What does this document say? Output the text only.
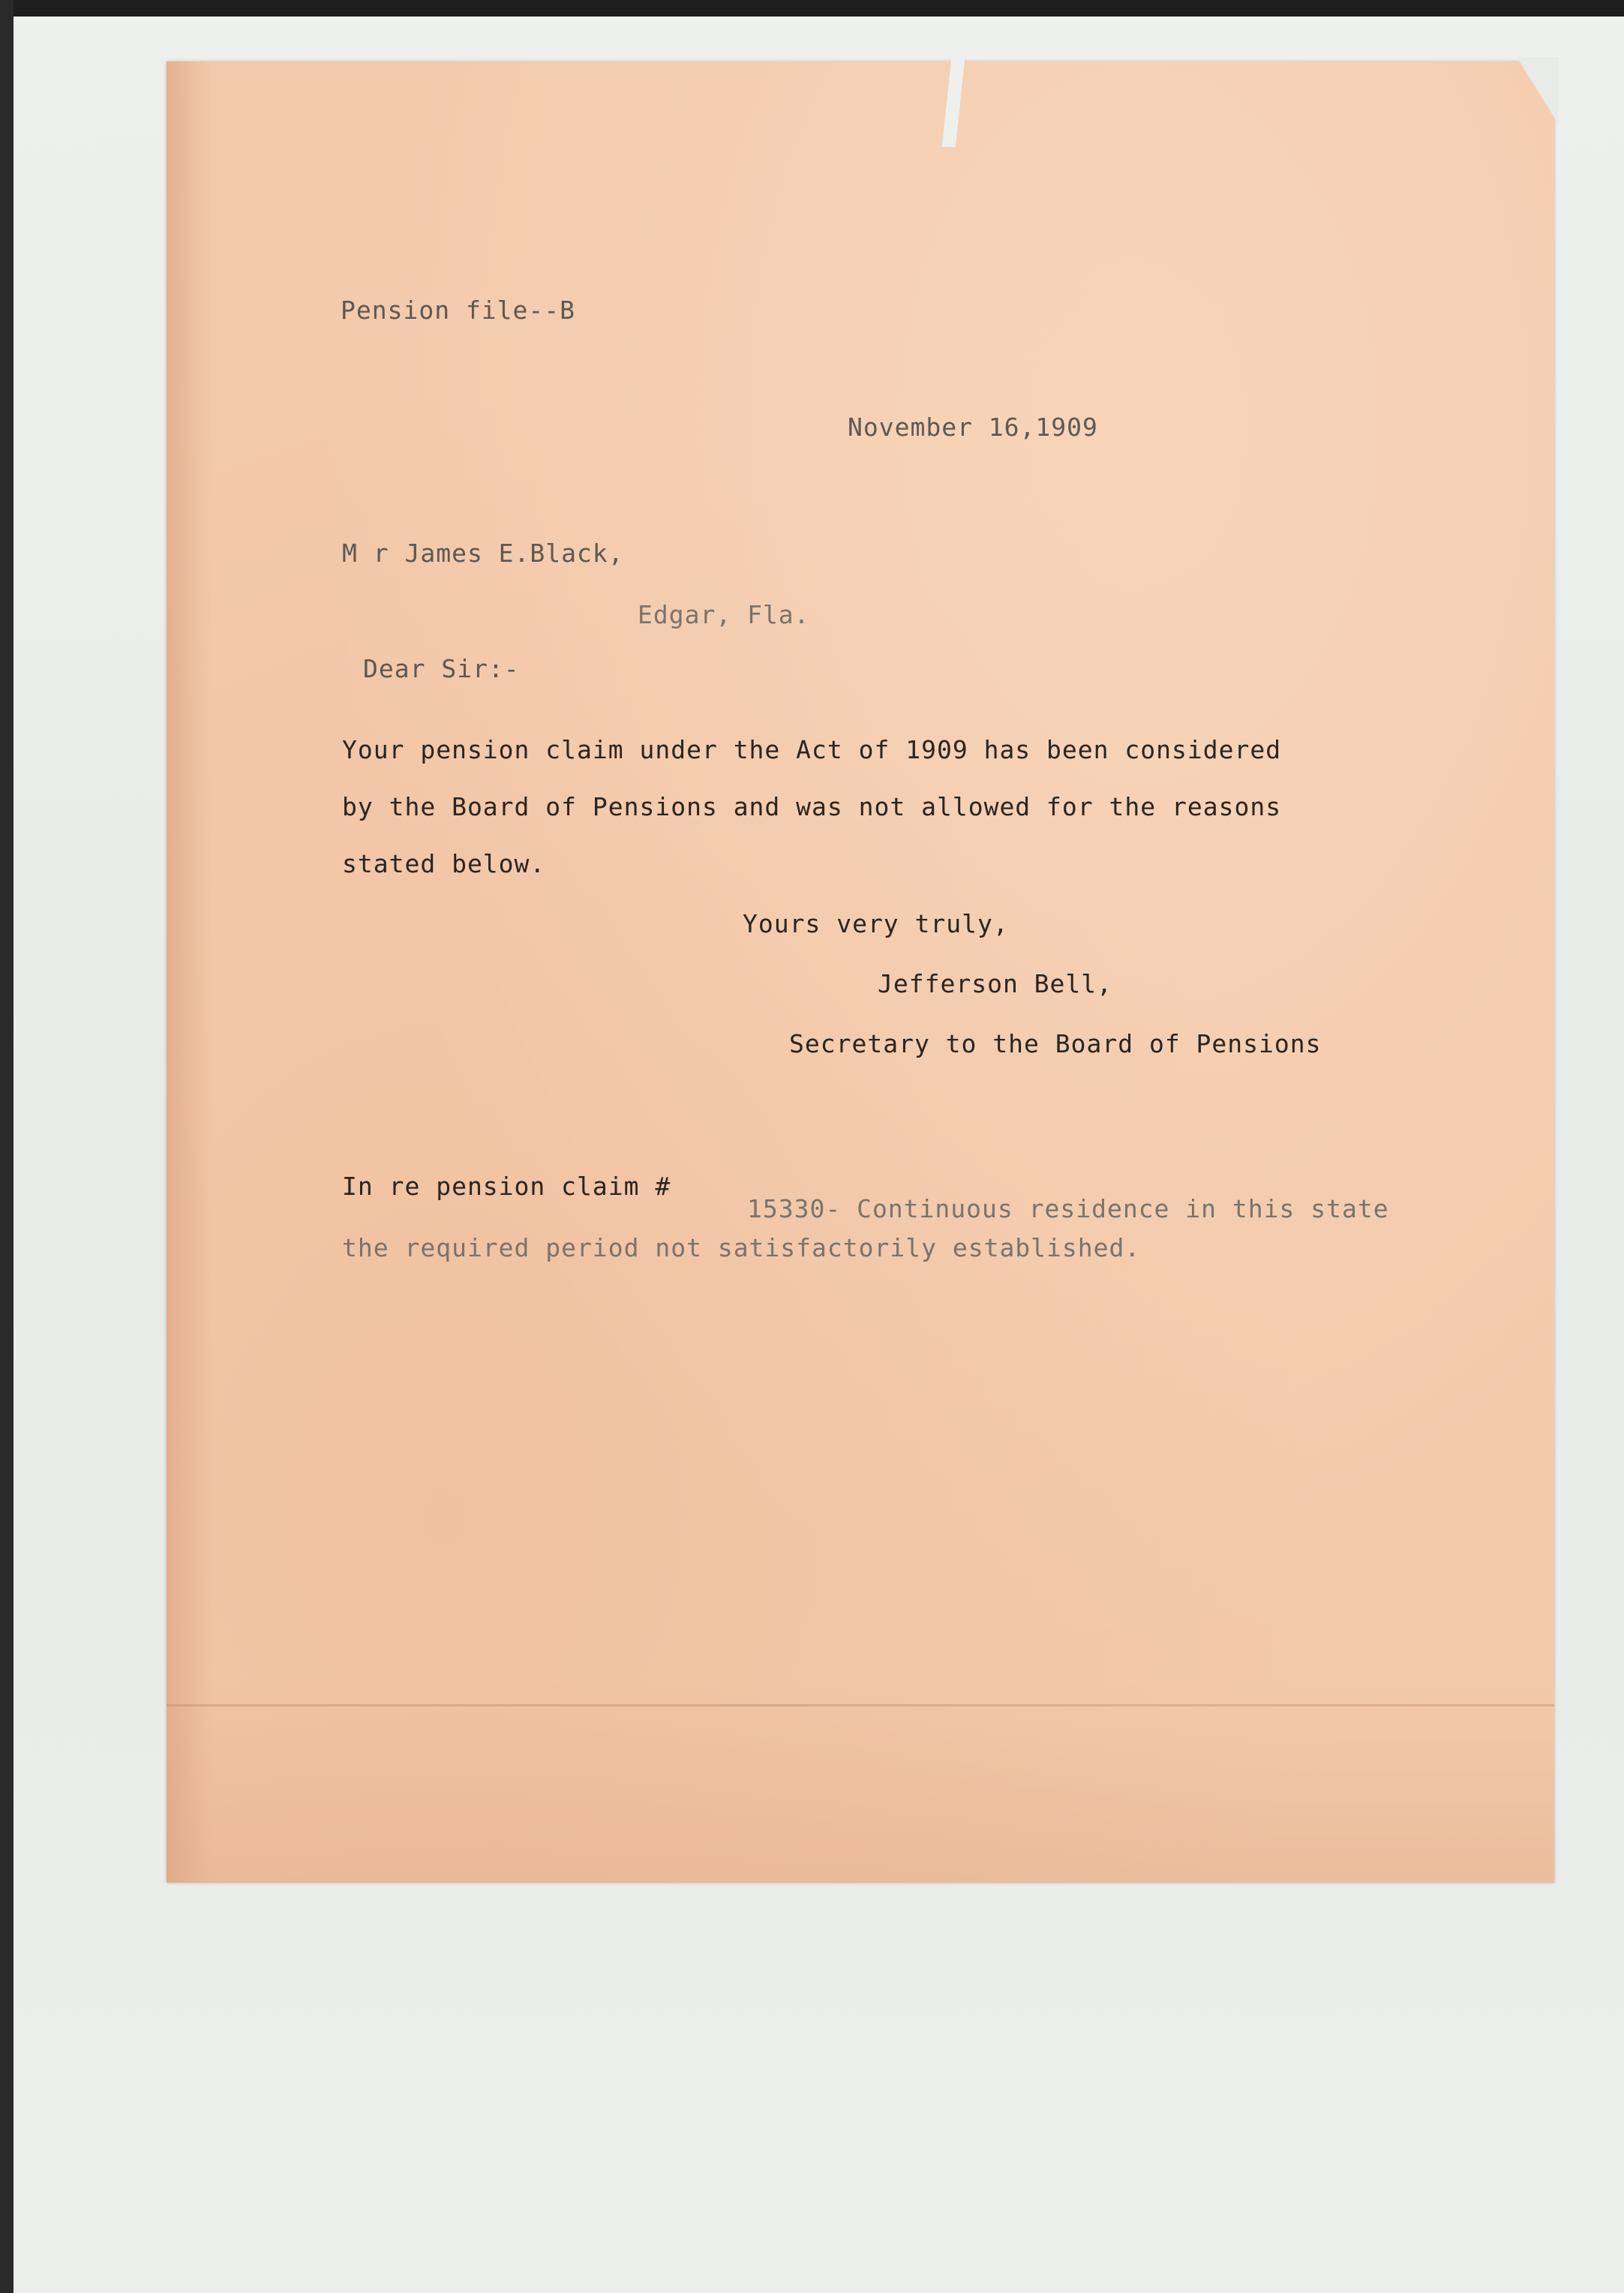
Pension file--B
November 16,1909
M r James E.Black,
Edgar, Fla.
Dear Sir:-
Your pension claim under the Act of 1909 has been considered
by the Board of Pensions and was not allowed for the reasons
stated below.
Yours very truly,
Jefferson Bell,
Secretary to the Board of Pensions
In re pension claim #
15330- Continuous residence in this state
the required period not satisfactorily established.
